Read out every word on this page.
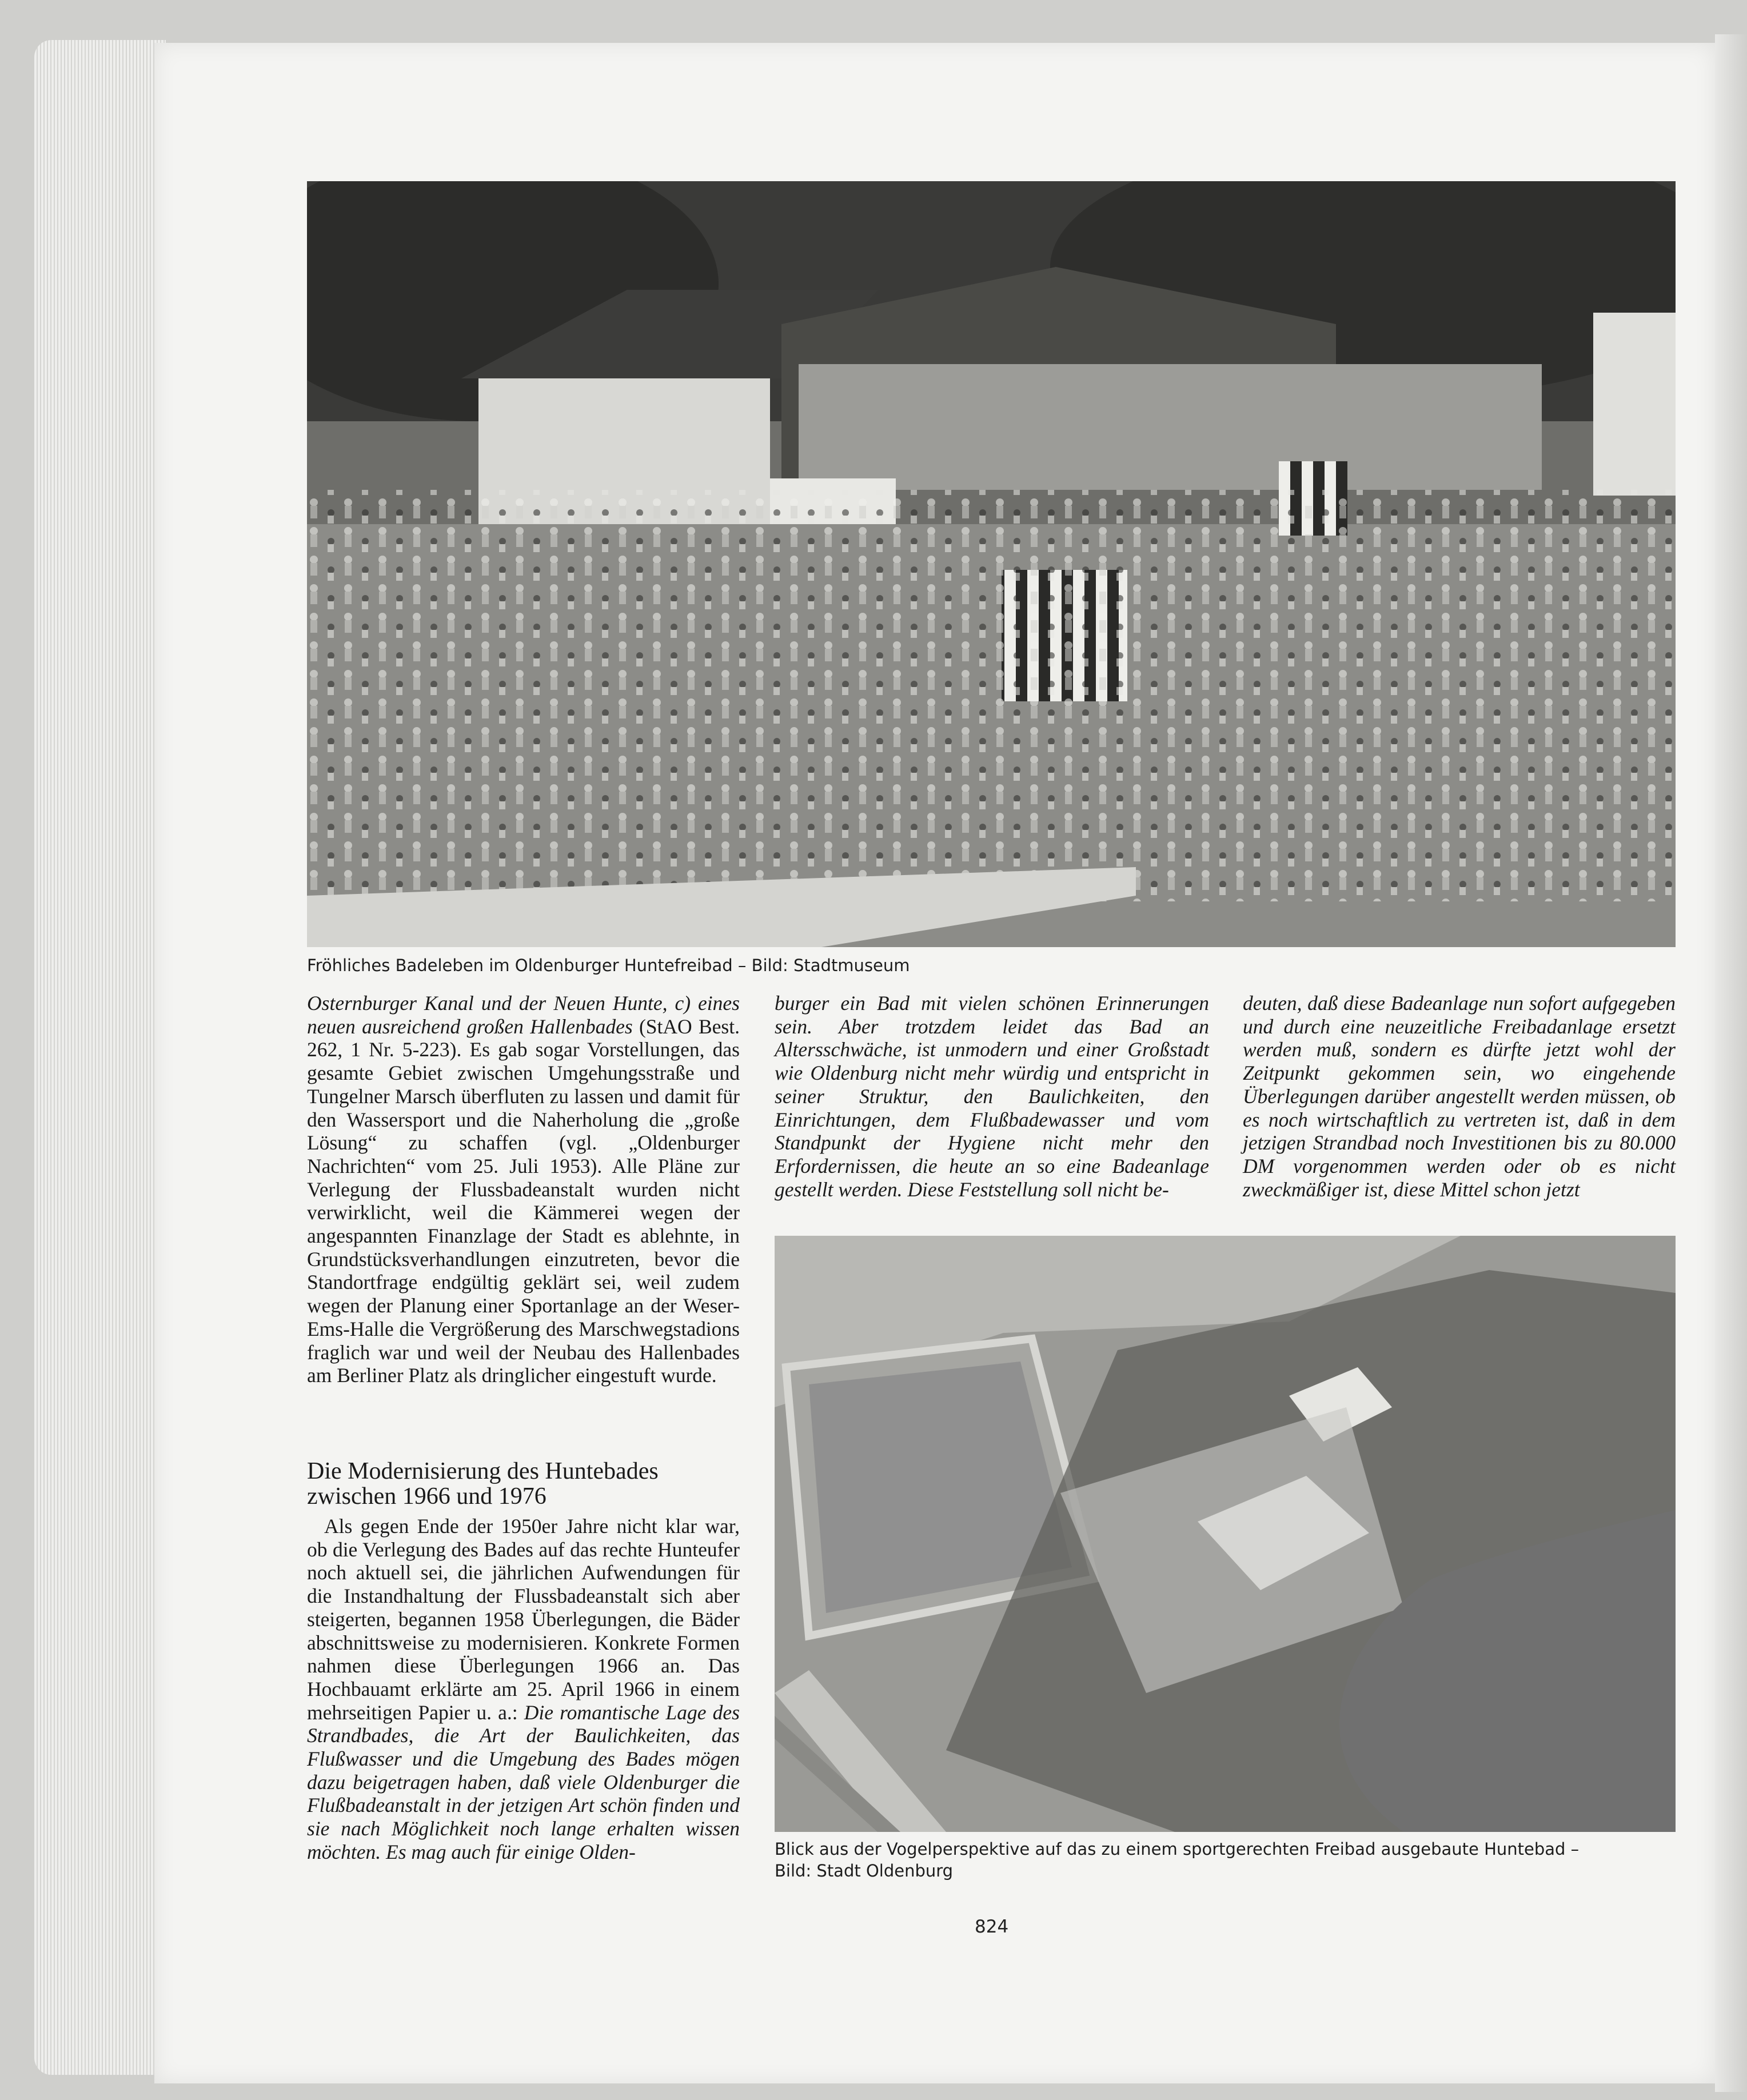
Fröhliches Badeleben im Oldenburger Huntefreibad – Bild: Stadtmuseum

Osternburger Kanal und der Neuen Hunte, c) eines neuen ausreichend großen Hallenbades (StAO Best. 262, 1 Nr. 5-223). Es gab sogar Vorstellungen, das gesamte Gebiet zwischen Umgehungsstraße und Tungelner Marsch überfluten zu lassen und damit für den Wassersport und die Naherholung die „große Lösung“ zu schaffen (vgl. „Oldenburger Nachrichten“ vom 25. Juli 1953). Alle Pläne zur Verlegung der Flussbadeanstalt wurden nicht verwirklicht, weil die Kämmerei wegen der angespannten Finanzlage der Stadt es ablehnte, in Grundstücksverhandlungen einzutreten, bevor die Standortfrage endgültig geklärt sei, weil zudem wegen der Planung einer Sportanlage an der Weser-Ems-Halle die Vergrößerung des Marschwegstadions fraglich war und weil der Neubau des Hallenbades am Berliner Platz als dringlicher eingestuft wurde.

Die Modernisierung des Huntebades zwischen 1966 und 1976

Als gegen Ende der 1950er Jahre nicht klar war, ob die Verlegung des Bades auf das rechte Hunteufer noch aktuell sei, die jährlichen Aufwendungen für die Instandhaltung der Flussbadeanstalt sich aber steigerten, begannen 1958 Überlegungen, die Bäder abschnittsweise zu modernisieren. Konkrete Formen nahmen diese Überlegungen 1966 an. Das Hochbauamt erklärte am 25. April 1966 in einem mehrseitigen Papier u. a.: Die romantische Lage des Strandbades, die Art der Baulichkeiten, das Flußwasser und die Umgebung des Bades mögen dazu beigetragen haben, daß viele Oldenburger die Flußbadeanstalt in der jetzigen Art schön finden und sie nach Möglichkeit noch lange erhalten wissen möchten. Es mag auch für einige Olden-

burger ein Bad mit vielen schönen Erinnerungen sein. Aber trotzdem leidet das Bad an Altersschwäche, ist unmodern und einer Großstadt wie Oldenburg nicht mehr würdig und entspricht in seiner Struktur, den Baulichkeiten, den Einrichtungen, dem Flußbadewasser und vom Standpunkt der Hygiene nicht mehr den Erfordernissen, die heute an so eine Badeanlage gestellt werden. Diese Feststellung soll nicht be-

deuten, daß diese Badeanlage nun sofort aufgegeben und durch eine neuzeitliche Freibadanlage ersetzt werden muß, sondern es dürfte jetzt wohl der Zeitpunkt gekommen sein, wo eingehende Überlegungen darüber angestellt werden müssen, ob es noch wirtschaftlich zu vertreten ist, daß in dem jetzigen Strandbad noch Investitionen bis zu 80.000 DM vorgenommen werden oder ob es nicht zweckmäßiger ist, diese Mittel schon jetzt

Blick aus der Vogelperspektive auf das zu einem sportgerechten Freibad ausgebaute Huntebad –
Bild: Stadt Oldenburg
824
